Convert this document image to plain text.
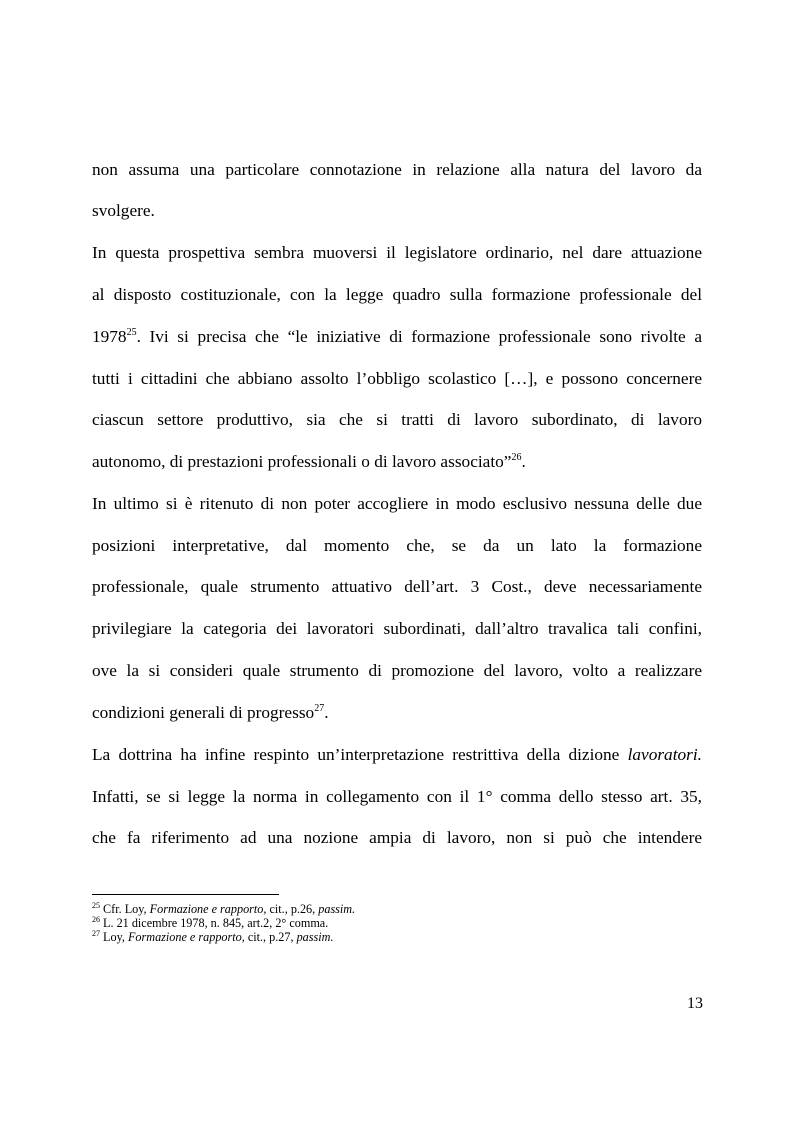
non assuma una particolare connotazione in relazione alla natura del lavoro da
svolgere.
In questa prospettiva sembra muoversi il legislatore ordinario, nel dare attuazione
al disposto costituzionale, con la legge quadro sulla formazione professionale del
1978$^{25}$. Ivi si precisa che “le iniziative di formazione professionale sono rivolte a
tutti i cittadini che abbiano assolto l’obbligo scolastico […], e possono concernere
ciascun settore produttivo, sia che si tratti di lavoro subordinato, di lavoro
autonomo, di prestazioni professionali o di lavoro associato”$^{26}$.
In ultimo si è ritenuto di non poter accogliere in modo esclusivo nessuna delle due
posizioni interpretative, dal momento che, se da un lato la formazione
professionale, quale strumento attuativo dell’art. 3 Cost., deve necessariamente
privilegiare la categoria dei lavoratori subordinati, dall’altro travalica tali confini,
ove la si consideri quale strumento di promozione del lavoro, volto a realizzare
condizioni generali di progresso$^{27}$.
La dottrina ha infine respinto un’interpretazione restrittiva della dizione lavoratori.
Infatti, se si legge la norma in collegamento con il 1° comma dello stesso art. 35,
che fa riferimento ad una nozione ampia di lavoro, non si può che intendere
$^{25}$ Cfr. Loy, Formazione e rapporto, cit., p.26, passim.
$^{26}$ L. 21 dicembre 1978, n. 845, art.2, 2° comma.
$^{27}$ Loy, Formazione e rapporto, cit., p.27, passim.
13
